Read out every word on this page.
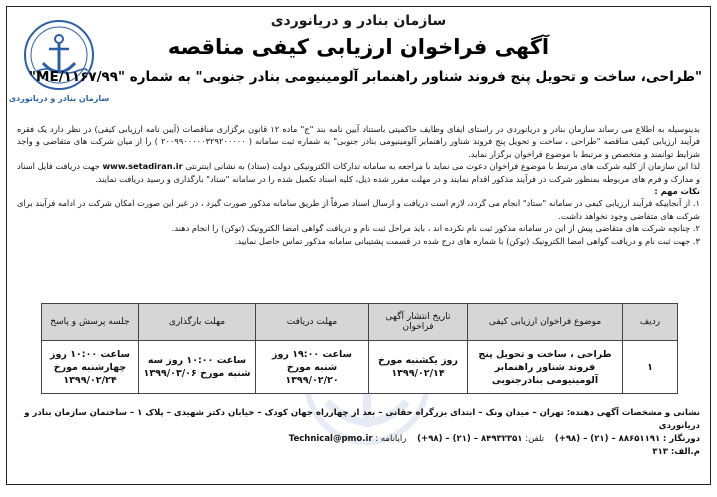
سازمان بنادر و دریانوردی
سازمان بنادر و دریانوردی
آگهی فراخوان ارزیابی کیفی مناقصه
"طراحی، ساخت و تحویل پنج فروند شناور راهنمابر آلومینیومی بنادر جنوبی" به شماره "۹۹/ME/۱۱۶۷"

بدینوسیله به اطلاع می رساند سازمان بنادر و دریانوردی در راستای ایفای وظایف حاکمیتی باستناد آیین نامه بند "ج" ماده ۱۲ قانون برگزاری مناقصات (آیین نامه ارزیابی کیفی) در نظر دارد یک فقره فرآیند ارزیابی کیفی مناقصه "طراحی ، ساخت و تحویل پنج فروند شناور راهنمابر آلومینیومی بنادر جنوبی" به شماره ثبت سامانه ( ۲۰۰۹۹۰۰۰۰۰۳۲۹۲۰۰۰۰۰ ) را از میان شرکت های متقاضی و واجد شرایط توانمند و متخصص و مرتبط با موضوع فراخوان برگزار نماید.

لذا این سازمان از کلیه شرکت های مرتبط با موضوع فراخوان دعوت می نماید با مراجعه به سامانه تدارکات الکترونیکی دولت (ستاد) به نشانی اینترنتی www.setadiran.ir جهت دریافت فایل اسناد و مدارک و فرم های مربوطه بمنظور شرکت در فرآیند مذکور اقدام نمایند و در مهلت مقرر شده ذیل، کلیه اسناد تکمیل شده را در سامانه "ستاد" بارگذاری و رسید دریافت نمایند.

نکات مهم :

۱. از آنجاییکه فرآیند ارزیابی کیفی در سامانه "ستاد" انجام می گردد، لازم است دریافت و ارسال اسناد صرفاً از طریق سامانه مذکور صورت گیرد ، در غیر این صورت امکان شرکت در ادامه فرآیند برای شرکت های متقاضی وجود نخواهد داشت.

۲. چنانچه شرکت های متقاضی پیش از این در سامانه مذکور ثبت نام نکرده اند ، باید مراحل ثبت نام و دریافت گواهی امضا الکترونیک (توکن) را انجام دهند.

۳. جهت ثبت نام و دریافت گواهی امضا الکترونیک (توکن) با شماره های درج شده در قسمت پشتیبانی سامانه مذکور تماس حاصل نمایید.

ردیف	موضوع فراخوان ارزیابی کیفی	تاریخ انتشار آگهی فراخوان	مهلت دریافت	مهلت بارگذاری	جلسه پرسش و پاسخ
۱	طراحی ، ساخت و تحویل پنج فروند شناور راهنمابر آلومینیومی بنادرجنوبی	روز یکشنبه مورخ ۱۳۹۹/۰۲/۱۴	ساعت ۱۹:۰۰ روز شنبه مورخ ۱۳۹۹/۰۲/۲۰	ساعت ۱۰:۰۰ روز سه شنبه مورخ ۱۳۹۹/۰۳/۰۶	ساعت ۱۰:۰۰ روز چهارشنبه مورخ ۱۳۹۹/۰۲/۲۴

نشانی و مشخصات آگهی دهنده: تهران – میدان ونک – ابتدای بزرگراه حقانی – بعد از چهارراه جهان کودک – خیابان دکتر شهیدی – پلاک ۱ – ساختمان سازمان بنادر و دریانوردی

دورنگار : ۸۸۶۵۱۱۹۱ – (۲۱) – (۹۸+)    تلفن: ۸۴۹۳۲۳۵۱ – (۲۱) – (۹۸+)    رایانامه : Technical@pmo.ir

م.الف: ۳۱۳
